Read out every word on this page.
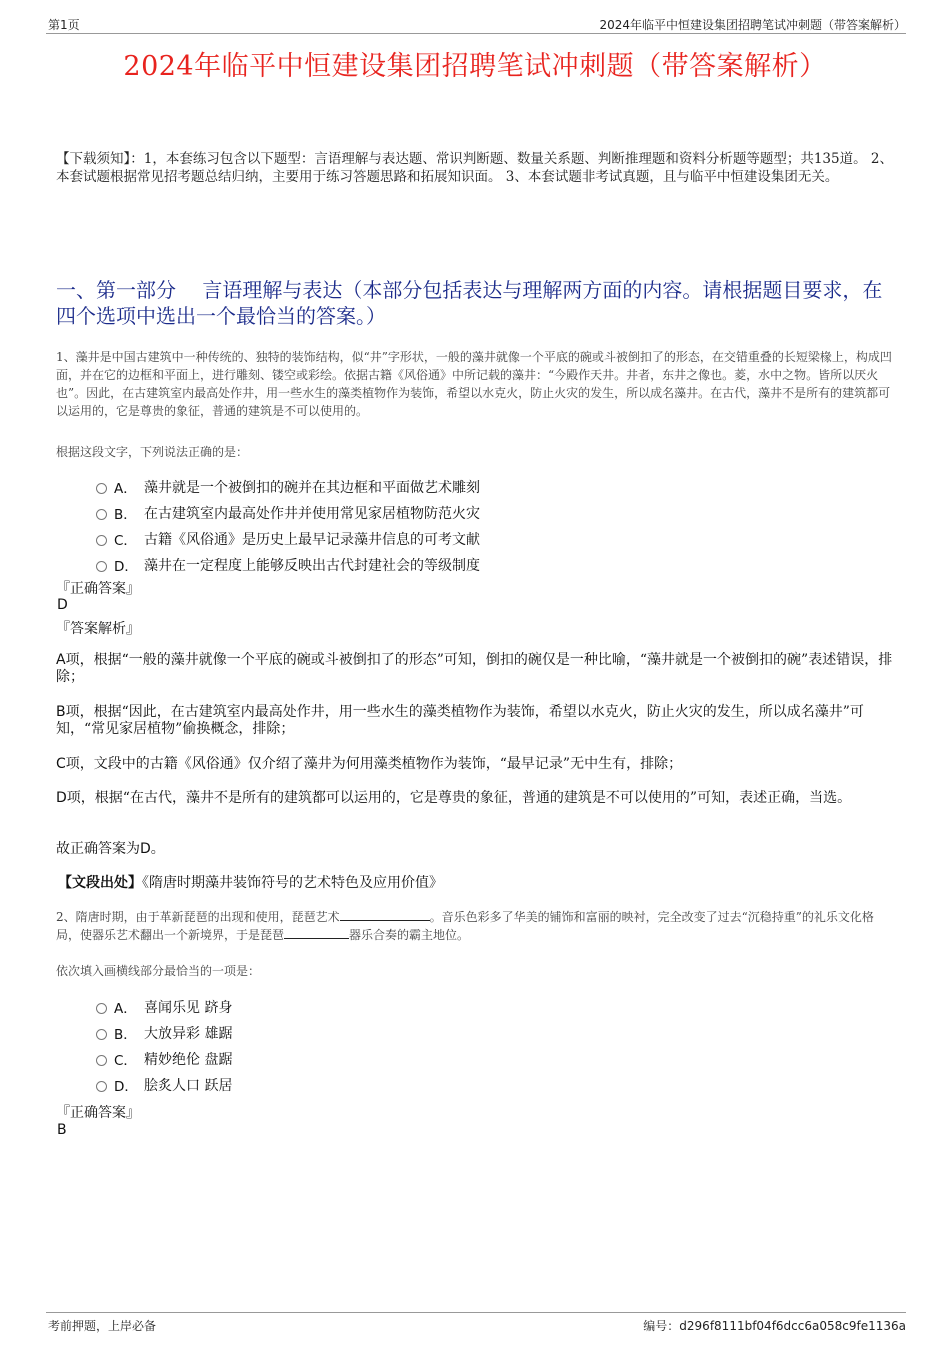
第1页	2024年临平中恒建设集团招聘笔试冲刺题（带答案解析）
2024年临平中恒建设集团招聘笔试冲刺题（带答案解析）
【下载须知】：1，本套练习包含以下题型：言语理解与表达题、常识判断题、数量关系题、判断推理题和资料分析题等题型；共135道。 2、本套试题根据常见招考题总结归纳，主要用于练习答题思路和拓展知识面。 3、本套试题非考试真题，且与临平中恒建设集团无关。
一、第一部分　 言语理解与表达（本部分包括表达与理解两方面的内容。请根据题目要求，在四个选项中选出一个最恰当的答案。）
1、藻井是中国古建筑中一种传统的、独特的装饰结构，似“井”字形状，一般的藻井就像一个平底的碗或斗被倒扣了的形态，在交错重叠的长短梁椽上，构成凹面，并在它的边框和平面上，进行雕刻、镂空或彩绘。依据古籍《风俗通》中所记载的藻井：“今殿作天井。井者，东井之像也。菱，水中之物。皆所以厌火也”。因此，在古建筑室内最高处作井，用一些水生的藻类植物作为装饰，希望以水克火，防止火灾的发生，所以成名藻井。在古代，藻井不是所有的建筑都可以运用的，它是尊贵的象征，普通的建筑是不可以使用的。
根据这段文字，下列说法正确的是：
A． 藻井就是一个被倒扣的碗并在其边框和平面做艺术雕刻
B． 在古建筑室内最高处作井并使用常见家居植物防范火灾
C． 古籍《风俗通》是历史上最早记录藻井信息的可考文献
D． 藻井在一定程度上能够反映出古代封建社会的等级制度
『正确答案』
D
『答案解析』
A项，根据“一般的藻井就像一个平底的碗或斗被倒扣了的形态”可知，倒扣的碗仅是一种比喻，“藻井就是一个被倒扣的碗”表述错误，排除；
B项，根据“因此，在古建筑室内最高处作井，用一些水生的藻类植物作为装饰，希望以水克火，防止火灾的发生，所以成名藻井”可知，“常见家居植物”偷换概念，排除；
C项，文段中的古籍《风俗通》仅介绍了藻井为何用藻类植物作为装饰，“最早记录”无中生有，排除；
D项，根据“在古代，藻井不是所有的建筑都可以运用的，它是尊贵的象征，普通的建筑是不可以使用的”可知，表述正确，当选。
故正确答案为D。
【文段出处】《隋唐时期藻井装饰符号的艺术特色及应用价值》
2、隋唐时期，由于革新琵琶的出现和使用，琵琶艺术	。音乐色彩多了华美的铺饰和富丽的映衬，完全改变了过去“沉稳持重”的礼乐文化格局，使器乐艺术翻出一个新境界，于是琵琶	器乐合奏的霸主地位。
依次填入画横线部分最恰当的一项是：
A． 喜闻乐见 跻身
B． 大放异彩 雄踞
C． 精妙绝伦 盘踞
D． 脍炙人口 跃居
『正确答案』
B
考前押题，上岸必备	编号：d296f8111bf04f6dcc6a058c9fe1136a
